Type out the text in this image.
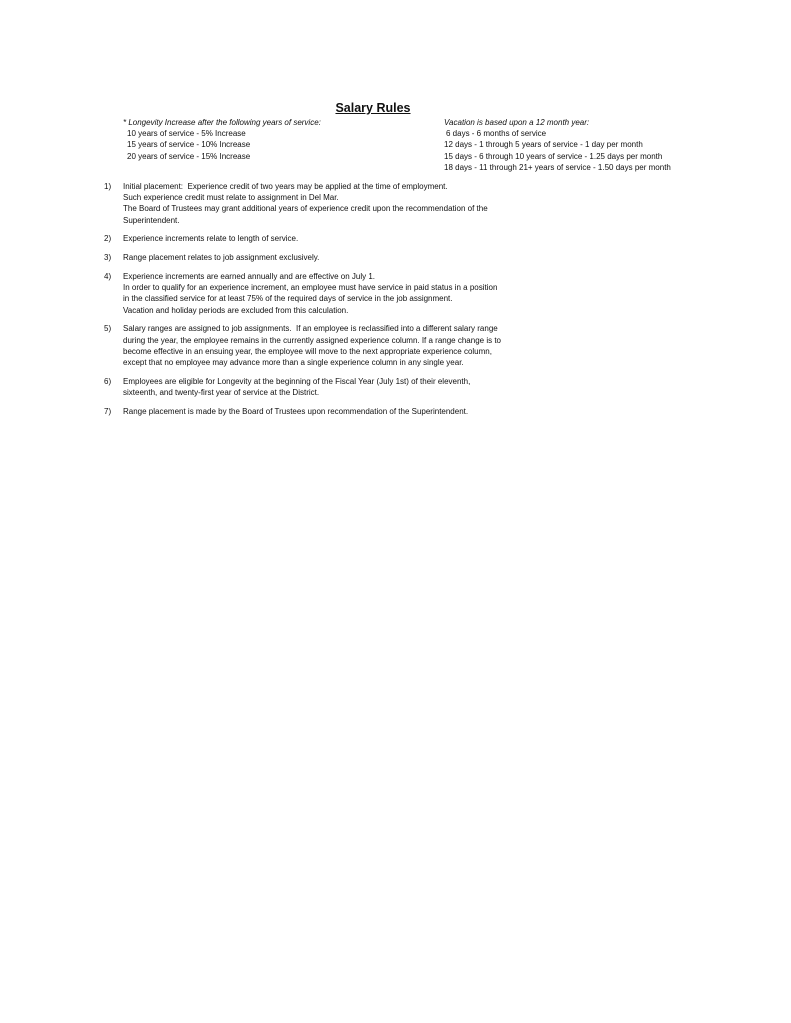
Salary Rules
* Longevity Increase after the following years of service:
10 years of service - 5% Increase
15 years of service - 10% Increase
20 years of service - 15% Increase
Vacation is based upon a 12 month year:
6 days - 6 months of service
12 days - 1 through 5 years of service - 1 day per month
15 days - 6 through 10 years of service - 1.25 days per month
18 days - 11 through 21+ years of service - 1.50 days per month
1)	Initial placement:  Experience credit of two years may be applied at the time of employment.
Such experience credit must relate to assignment in Del Mar.
The Board of Trustees may grant additional years of experience credit upon the recommendation of the
Superintendent.
2)	Experience increments relate to length of service.
3)	Range placement relates to job assignment exclusively.
4)	Experience increments are earned annually and are effective on July 1.
In order to qualify for an experience increment, an employee must have service in paid status in a position
in the classified service for at least 75% of the required days of service in the job assignment.
Vacation and holiday periods are excluded from this calculation.
5)	Salary ranges are assigned to job assignments.  If an employee is reclassified into a different salary range
during the year, the employee remains in the currently assigned experience column. If a range change is to
become effective in an ensuing year, the employee will move to the next appropriate experience column,
except that no employee may advance more than a single experience column in any single year.
6)	Employees are eligible for Longevity at the beginning of the Fiscal Year (July 1st) of their eleventh,
sixteenth, and twenty-first year of service at the District.
7)	Range placement is made by the Board of Trustees upon recommendation of the Superintendent.
